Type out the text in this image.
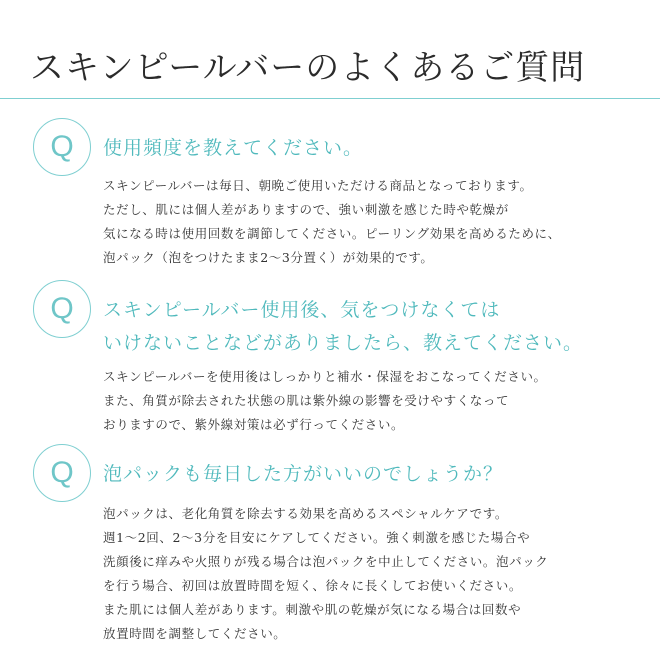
スキンピールバーのよくあるご質問
Q 使用頻度を教えてください。
スキンピールバーは毎日、朝晩ご使用いただける商品となっております。
ただし、肌には個人差がありますので、強い刺激を感じた時や乾燥が
気になる時は使用回数を調節してください。ピーリング効果を高めるために、
泡パック（泡をつけたまま2〜3分置く）が効果的です。
Q スキンピールバー使用後、気をつけなくては
いけないことなどがありましたら、教えてください。
スキンピールバーを使用後はしっかりと補水・保湿をおこなってください。
また、角質が除去された状態の肌は紫外線の影響を受けやすくなって
おりますので、紫外線対策は必ず行ってください。
Q 泡パックも毎日した方がいいのでしょうか？
泡パックは、老化角質を除去する効果を高めるスペシャルケアです。
週1〜2回、2〜3分を目安にケアしてください。強く刺激を感じた場合や
洗顔後に痒みや火照りが残る場合は泡パックを中止してください。泡パック
を行う場合、初回は放置時間を短く、徐々に長くしてお使いください。
また肌には個人差があります。刺激や肌の乾燥が気になる場合は回数や
放置時間を調整してください。
